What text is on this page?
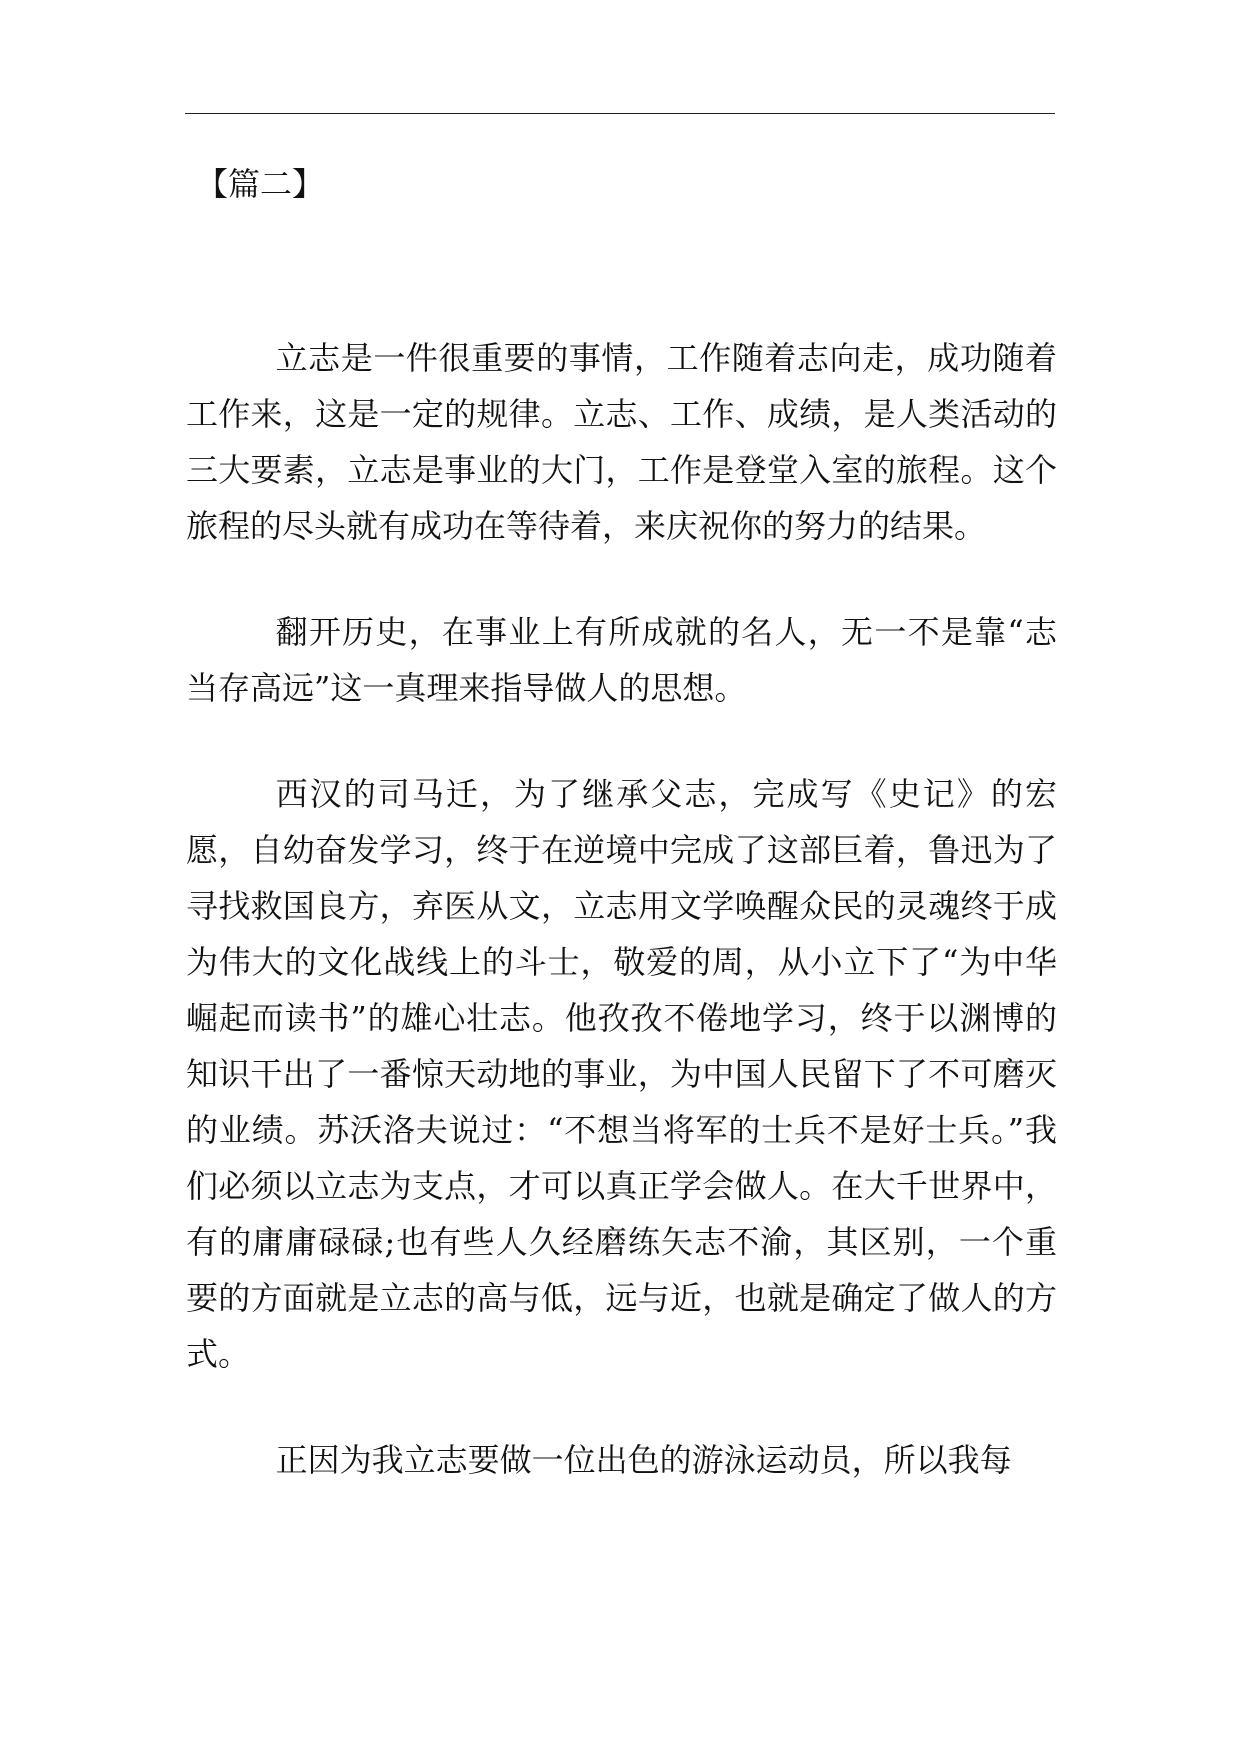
【篇二】

立志是一件很重要的事情，工作随着志向走，成功随着工作来，这是一定的规律。立志、工作、成绩，是人类活动的三大要素，立志是事业的大门，工作是登堂入室的旅程。这个旅程的尽头就有成功在等待着，来庆祝你的努力的结果。

翻开历史，在事业上有所成就的名人，无一不是靠“志当存高远”这一真理来指导做人的思想。

西汉的司马迁，为了继承父志，完成写《史记》的宏愿，自幼奋发学习，终于在逆境中完成了这部巨着，鲁迅为了寻找救国良方，弃医从文，立志用文学唤醒众民的灵魂终于成为伟大的文化战线上的斗士，敬爱的周，从小立下了“为中华崛起而读书”的雄心壮志。他孜孜不倦地学习，终于以渊博的知识干出了一番惊天动地的事业，为中国人民留下了不可磨灭的业绩。苏沃洛夫说过：“不想当将军的士兵不是好士兵。”我们必须以立志为支点，才可以真正学会做人。在大千世界中，有的庸庸碌碌;也有些人久经磨练矢志不渝，其区别，一个重要的方面就是立志的高与低，远与近，也就是确定了做人的方式。

正因为我立志要做一位出色的游泳运动员，所以我每
